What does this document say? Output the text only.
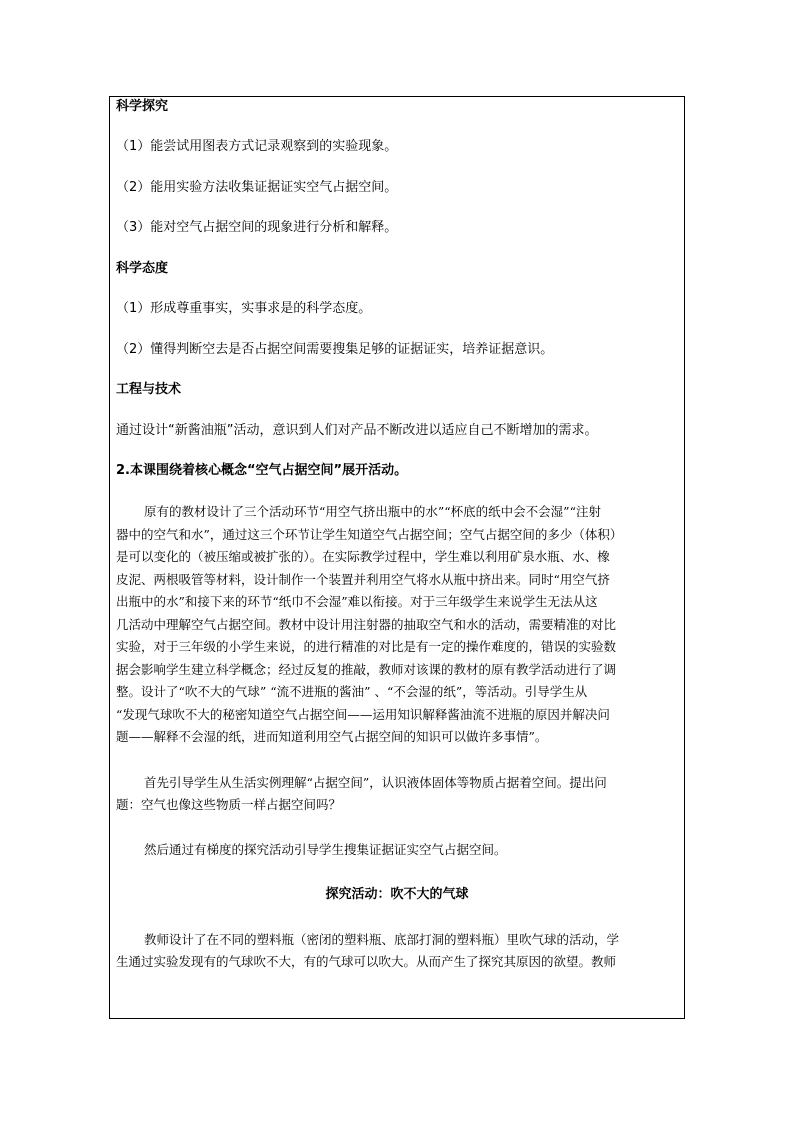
科学探究
（1）能尝试用图表方式记录观察到的实验现象。
（2）能用实验方法收集证据证实空气占据空间。
（3）能对空气占据空间的现象进行分析和解释。
科学态度
（1）形成尊重事实，实事求是的科学态度。
（2）懂得判断空去是否占据空间需要搜集足够的证据证实，培养证据意识。
工程与技术
通过设计“新酱油瓶”活动，意识到人们对产品不断改进以适应自己不断增加的需求。
2.本课围绕着核心概念“空气占据空间”展开活动。
原有的教材设计了三个活动环节“用空气挤出瓶中的水”“杯底的纸中会不会湿”“注射
器中的空气和水”，通过这三个环节让学生知道空气占据空间；空气占据空间的多少（体积）
是可以变化的（被压缩或被扩张的）。在实际教学过程中，学生难以利用矿泉水瓶、水、橡
皮泥、两根吸管等材料，设计制作一个装置并利用空气将水从瓶中挤出来。同时“用空气挤
出瓶中的水”和接下来的环节“纸巾不会湿”难以衔接。对于三年级学生来说学生无法从这
几活动中理解空气占据空间。教材中设计用注射器的抽取空气和水的活动，需要精准的对比
实验，对于三年级的小学生来说，的进行精准的对比是有一定的操作难度的，错误的实验数
据会影响学生建立科学概念；经过反复的推敲，教师对该课的教材的原有教学活动进行了调
整。设计了“吹不大的气球” “流不进瓶的酱油” 、“不会湿的纸”，等活动。引导学生从
“发现气球吹不大的秘密知道空气占据空间——运用知识解释酱油流不进瓶的原因并解决问
题——解释不会湿的纸，进而知道利用空气占据空间的知识可以做许多事情”。
首先引导学生从生活实例理解“占据空间”，认识液体固体等物质占据着空间。提出问
题：空气也像这些物质一样占据空间吗？
然后通过有梯度的探究活动引导学生搜集证据证实空气占据空间。
探究活动：吹不大的气球
教师设计了在不同的塑料瓶（密闭的塑料瓶、底部打洞的塑料瓶）里吹气球的活动，学
生通过实验发现有的气球吹不大，有的气球可以吹大。从而产生了探究其原因的欲望。教师
